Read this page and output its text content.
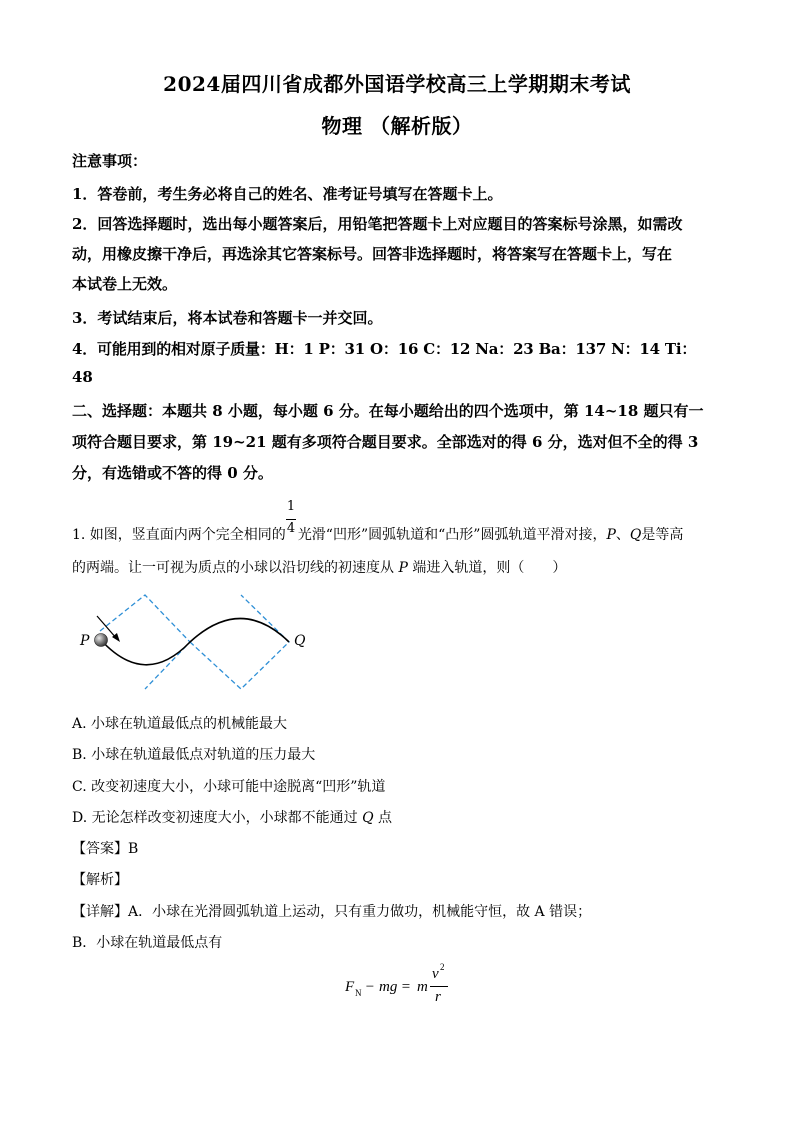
2024届四川省成都外国语学校高三上学期期末考试
物理 （解析版）
注意事项：
1．答卷前，考生务必将自己的姓名、准考证号填写在答题卡上。
2．回答选择题时，选出每小题答案后，用铅笔把答题卡上对应题目的答案标号涂黑，如需改
动，用橡皮擦干净后，再选涂其它答案标号。回答非选择题时，将答案写在答题卡上，写在
本试卷上无效。
3．考试结束后，将本试卷和答题卡一并交回。
4．可能用到的相对原子质量：H：1 P：31 O：16 C：12 Na：23 Ba：137 N：14 Ti：
48
二、选择题：本题共 8 小题，每小题 6 分。在每小题给出的四个选项中，第 14~18 题只有一
项符合题目要求，第 19~21 题有多项符合题目要求。全部选对的得 6 分，选对但不全的得 3
分，有选错或不答的得 0 分。
1. 如图，竖直面内两个完全相同的 $\frac{1}{4}$ 光滑“凹形”圆弧轨道和“凸形”圆弧轨道平滑对接，P、Q是等高
的两端。让一可视为质点的小球以沿切线的初速度从 P 端进入轨道，则（　　）
P	Q
A. 小球在轨道最低点的机械能最大
B. 小球在轨道最低点对轨道的压力最大
C. 改变初速度大小，小球可能中途脱离“凹形”轨道
D. 无论怎样改变初速度大小，小球都不能通过 Q 点
【答案】B
【解析】
【详解】A．小球在光滑圆弧轨道上运动，只有重力做功，机械能守恒，故 A 错误；
B．小球在轨道最低点有
F N − mg = m
v 2
r
